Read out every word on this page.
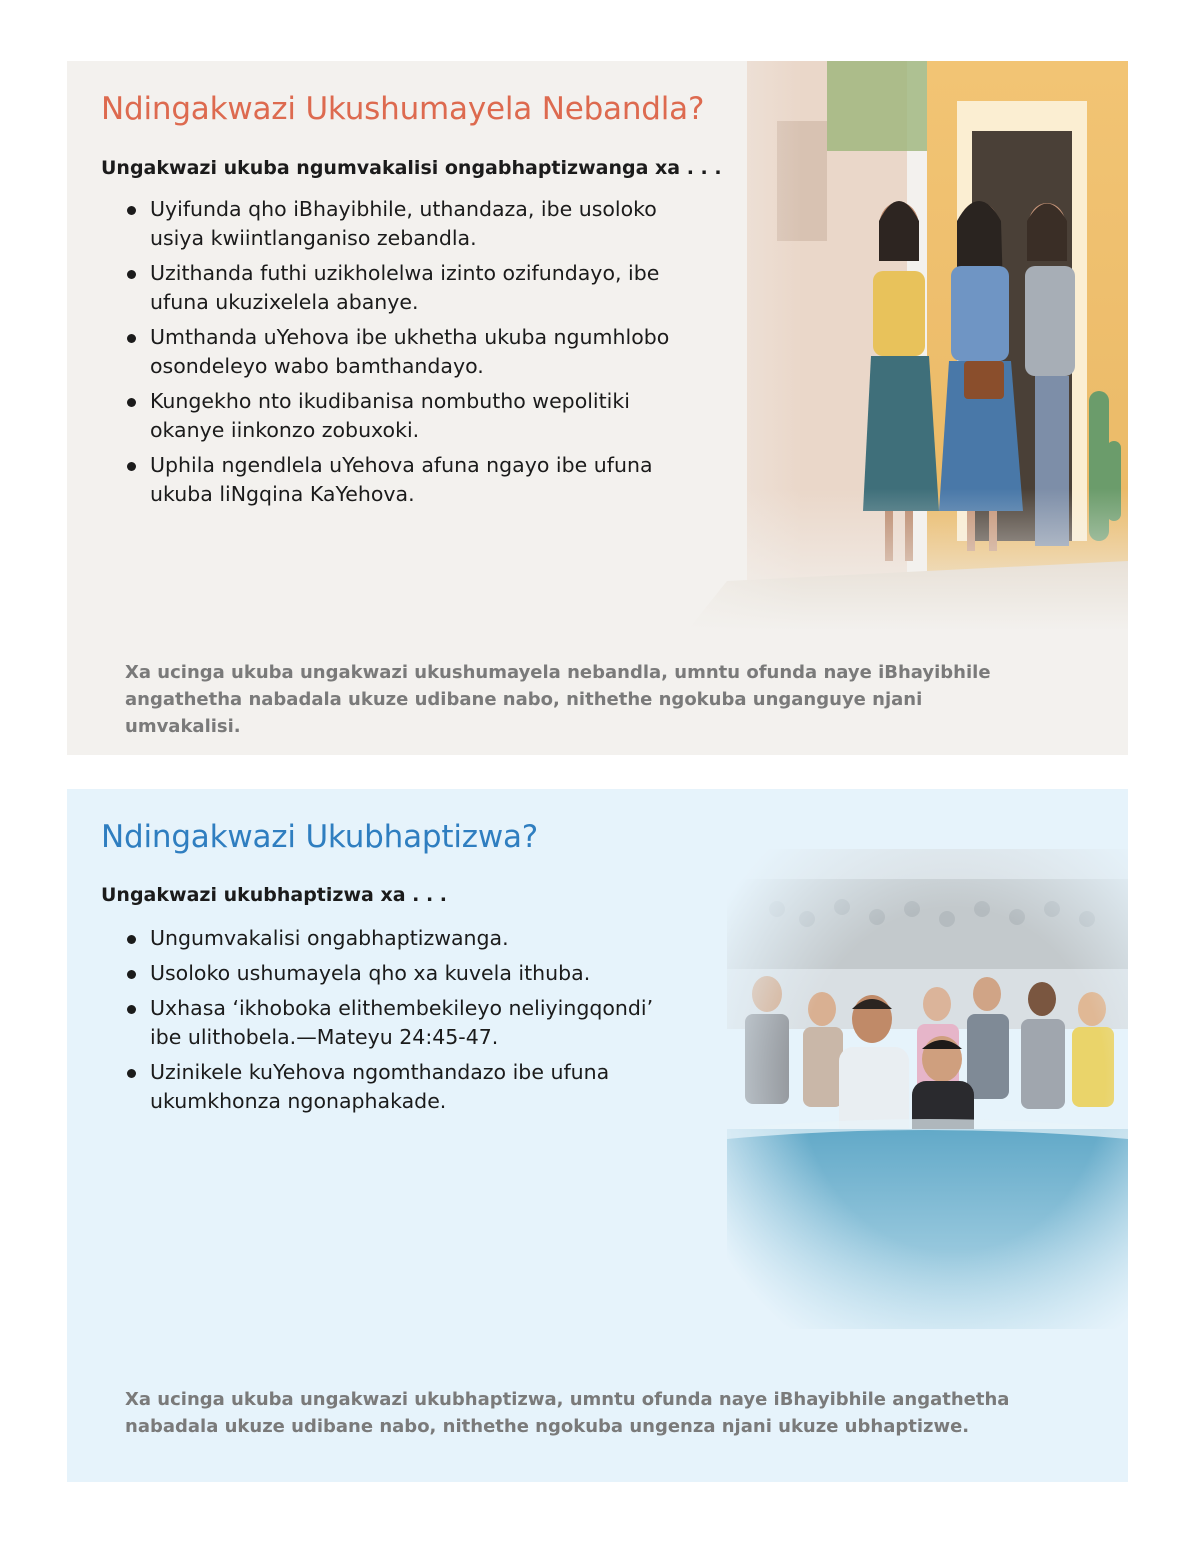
Ndingakwazi Ukushumayela Nebandla?
Ungakwazi ukuba ngumvakalisi ongabhaptizwanga xa . . .
Uyifunda qho iBhayibhile, uthandaza, ibe usoloko usiya kwiintlanganiso zebandla.
Uzithanda futhi uzikholelwa izinto ozifundayo, ibe ufuna ukuzixelela abanye.
Umthanda uYehova ibe ukhetha ukuba ngumhlobo osondeleyo wabo bamthandayo.
Kungekho nto ikudibanisa nombutho wepolitiki okanye iinkonzo zobuxoki.
Uphila ngendlela uYehova afuna ngayo ibe ufuna ukuba liNgqina KaYehova.

Xa ucinga ukuba ungakwazi ukushumayela nebandla, umntu ofunda naye iBhayibhile angathetha nabadala ukuze udibane nabo, nithethe ngokuba unganguye njani umvakalisi.

Ndingakwazi Ukubhaptizwa?
Ungakwazi ukubhaptizwa xa . . .
Ungumvakalisi ongabhaptizwanga.
Usoloko ushumayela qho xa kuvela ithuba.
Uxhasa ‘ikhoboka elithembekileyo neliyingqondi’ ibe ulithobela.—Mateyu 24:45-47.
Uzinikele kuYehova ngomthandazo ibe ufuna ukumkhonza ngonaphakade.

Xa ucinga ukuba ungakwazi ukubhaptizwa, umntu ofunda naye iBhayibhile angathetha nabadala ukuze udibane nabo, nithethe ngokuba ungenza njani ukuze ubhaptizwe.
